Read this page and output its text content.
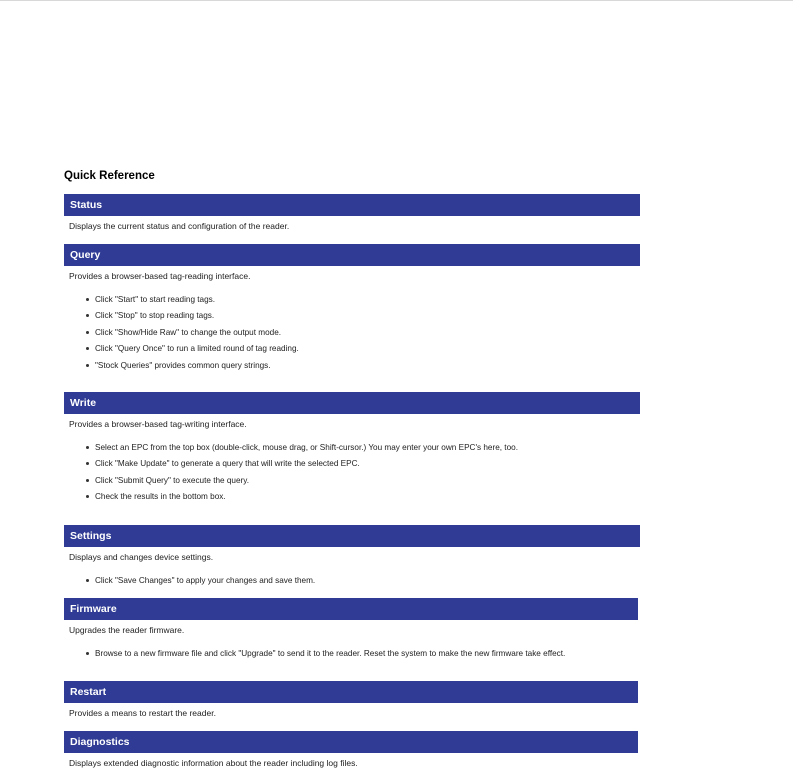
Quick Reference
Status
Displays the current status and configuration of the reader.
Query
Provides a browser-based tag-reading interface.
Click "Start" to start reading tags.
Click "Stop" to stop reading tags.
Click "Show/Hide Raw" to change the output mode.
Click "Query Once" to run a limited round of tag reading.
"Stock Queries" provides common query strings.
Write
Provides a browser-based tag-writing interface.
Select an EPC from the top box (double-click, mouse drag, or Shift-cursor.) You may enter your own EPC's here, too.
Click "Make Update" to generate a query that will write the selected EPC.
Click "Submit Query" to execute the query.
Check the results in the bottom box.
Settings
Displays and changes device settings.
Click "Save Changes" to apply your changes and save them.
Firmware
Upgrades the reader firmware.
Browse to a new firmware file and click "Upgrade" to send it to the reader. Reset the system to make the new firmware take effect.
Restart
Provides a means to restart the reader.
Diagnostics
Displays extended diagnostic information about the reader including log files.
